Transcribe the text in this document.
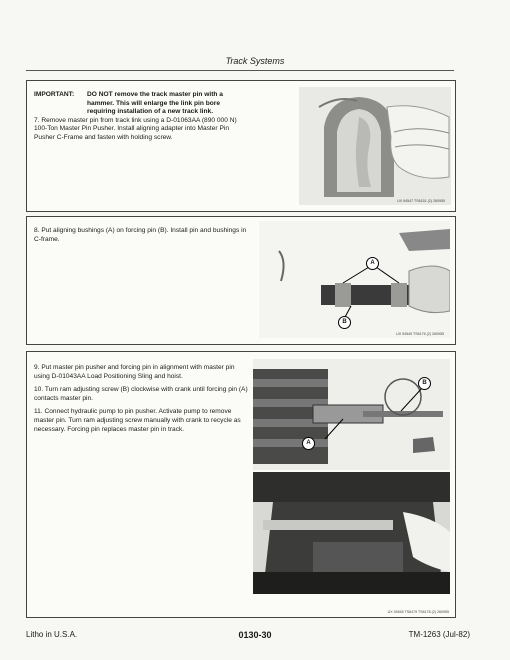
Track Systems
IMPORTANT:	DO NOT remove the track master pin with a hammer. This will enlarge the link pin bore requiring installation of a new track link.
7. Remove master pin from track link using a D-01063AA (890 000 N) 100-Ton Master Pin Pusher. Install aligning adapter into Master Pin Pusher C-Frame and fasten with holding screw.
UX 94547 TS6151 (2) 260955
8. Put aligning bushings (A) on forcing pin (B). Install pin and bushings in C-frame.
A
B
UX 94549 TS6176 (2) 260955
9. Put master pin pusher and forcing pin in alignment with master pin using D-01043AA Load Positioning Sling and hoist.
10. Turn ram adjusting screw (B) clockwise with crank until forcing pin (A) contacts master pin.
11. Connect hydraulic pump to pin pusher. Activate pump to remove master pin. Turn ram adjusting screw manually with crank to recycle as necessary. Forcing pin replaces master pin in track.
B
A
UX 94545 TS6479 TS6178 (2) 260955
Litho in U.S.A.	0130-30	TM-1263 (Jul-82)
